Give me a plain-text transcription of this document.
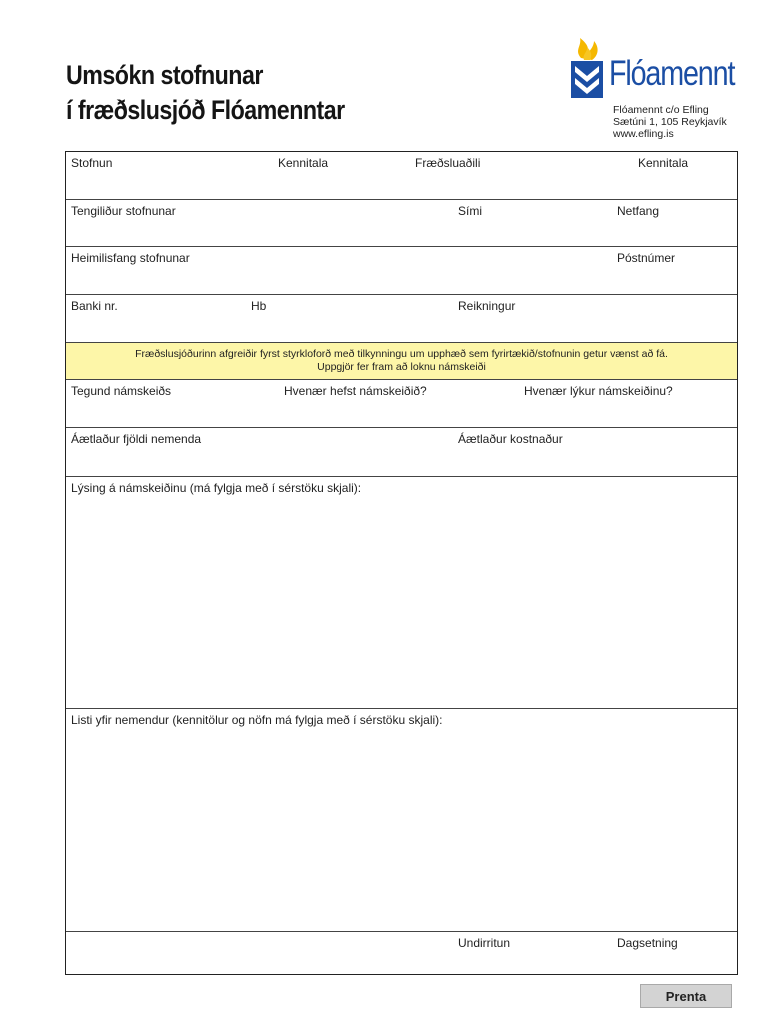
Umsókn stofnunar
í fræðslusjóð Flóamenntar
Flóamennt
Flóamennt c/o Efling
Sætúni 1, 105 Reykjavík
www.efling.is
Stofnun	Kennitala	Fræðsluaðili	Kennitala
Tengiliður stofnunar	Sími	Netfang
Heimilisfang stofnunar	Póstnúmer
Banki nr.	Hb	Reikningur
Fræðslusjóðurinn afgreiðir fyrst styrkloforð með tilkynningu um upphæð sem fyrirtækið/stofnunin getur vænst að fá.
Uppgjör fer fram að loknu námskeiði
Tegund námskeiðs	Hvenær hefst námskeiðið?	Hvenær lýkur námskeiðinu?
Áætlaður fjöldi nemenda	Áætlaður kostnaður
Lýsing á námskeiðinu (má fylgja með í sérstöku skjali):
Listi yfir nemendur (kennitölur og nöfn má fylgja með í sérstöku skjali):
Undirritun	Dagsetning
Prenta
